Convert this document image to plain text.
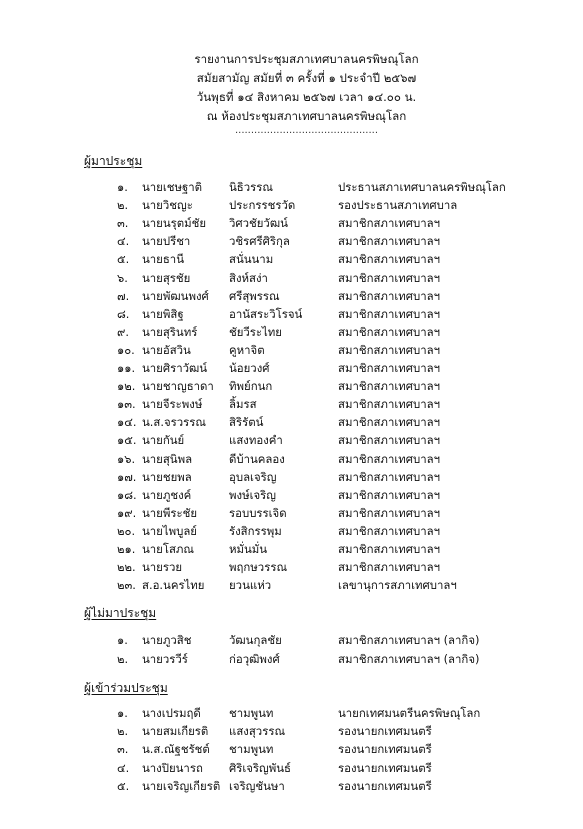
รายงานการประชุมสภาเทศบาลนครพิษณุโลก
สมัยสามัญ สมัยที่ ๓ ครั้งที่ ๑ ประจำปี ๒๕๖๗
วันพุธที่ ๑๔ สิงหาคม ๒๕๖๗ เวลา ๑๔.๐๐ น.
ณ ห้องประชุมสภาเทศบาลนครพิษณุโลก
.............................................
ผู้มาประชุม
๑. นายเชษฐาติ นิธิวรรณ	ประธานสภาเทศบาลนครพิษณุโลก
๒. นายวิชญะ	ประกรรชรวัด	รองประธานสภาเทศบาล
๓. นายนรุตม์ชัย วิศวชัยวัฒน์	สมาชิกสภาเทศบาลฯ
๔. นายปรีชา	วชิรศรีศิริกุล	สมาชิกสภาเทศบาลฯ
๕. นายธานี	สนั่นนาม	สมาชิกสภาเทศบาลฯ
๖. นายสุรชัย	สิงห์สง่า	สมาชิกสภาเทศบาลฯ
๗. นายพัฒนพงศ์ ศรีสุพรรณ	สมาชิกสภาเทศบาลฯ
๘. นายพิสิฐ	อานัสระวิโรจน์	สมาชิกสภาเทศบาลฯ
๙. นายสุรินทร์	ชัยวีระไทย	สมาชิกสภาเทศบาลฯ
๑๐. นายอัสวิน	คูหาจิต	สมาชิกสภาเทศบาลฯ
๑๑. นายศิราวัฒน์ น้อยวงศ์	สมาชิกสภาเทศบาลฯ
๑๒. นายชาญธาดา ทิพย์กนก	สมาชิกสภาเทศบาลฯ
๑๓. นายจีระพงษ์ ลิ้มรส	สมาชิกสภาเทศบาลฯ
๑๔. น.ส.จรวรรณ สิริรัตน์	สมาชิกสภาเทศบาลฯ
๑๕. นายกันย์	แสงทองคำ	สมาชิกสภาเทศบาลฯ
๑๖. นายสุนิพล	ดีบ้านคลอง	สมาชิกสภาเทศบาลฯ
๑๗. นายชยพล	อุบลเจริญ	สมาชิกสภาเทศบาลฯ
๑๘. นายภูชงค์	พงษ์เจริญ	สมาชิกสภาเทศบาลฯ
๑๙. นายพีระชัย	รอบบรรเจิด	สมาชิกสภาเทศบาลฯ
๒๐. นายไพบูลย์	รังสิกรรพุม	สมาชิกสภาเทศบาลฯ
๒๑. นายโสภณ	หมั่นมั่น	สมาชิกสภาเทศบาลฯ
๒๒. นายรวย	พฤกษวรรณ	สมาชิกสภาเทศบาลฯ
๒๓. ส.อ.นครไทย ยวนแห่ว	เลขานุการสภาเทศบาลฯ
ผู้ไม่มาประชุม
๑. นายภูวสิช	วัฒนกุลชัย	สมาชิกสภาเทศบาลฯ (ลากิจ)
๒. นายวรวีร์	ก่อวุฒิพงศ์	สมาชิกสภาเทศบาลฯ (ลากิจ)
ผู้เข้าร่วมประชุม
๑. นางเปรมฤดี ชามพูนท	นายกเทศมนตรีนครพิษณุโลก
๒. นายสมเกียรติ แสงสุวรรณ	รองนายกเทศมนตรี
๓. น.ส.ณัฐชรัชต์ ชามพูนท	รองนายกเทศมนตรี
๔. นางปิยนารถ ศิริเจริญพันธ์	รองนายกเทศมนตรี
๕. นายเจริญเกียรติ เจริญชันษา	รองนายกเทศมนตรี
